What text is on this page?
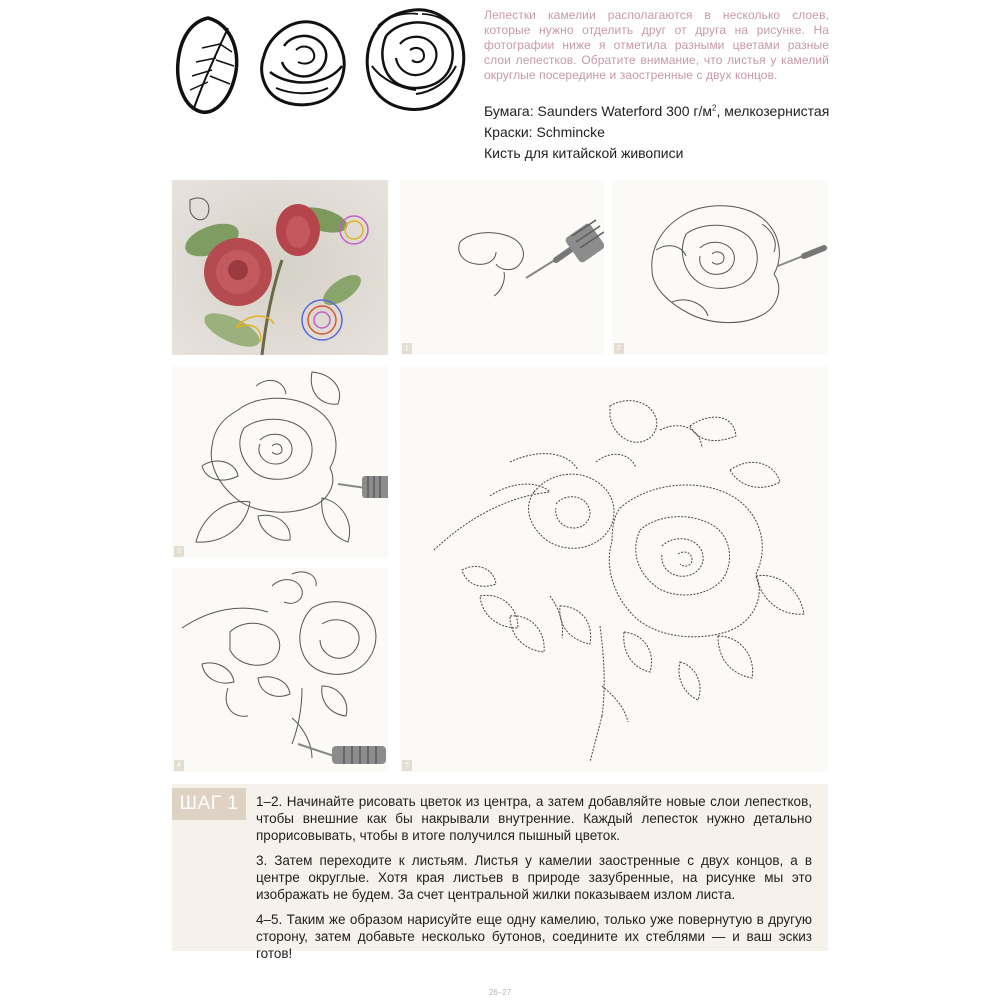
Лепестки камелии располагаются в несколько слоев, которые нужно отделить друг от друга на рисунке. На фотографии ниже я отметила разными цветами разные слои лепестков. Обратите внимание, что листья у камелий округлые посередине и заостренные с двух концов.
Бумага: Saunders Waterford 300 $г/м^2$, мелкозернистая
Краски: Schmincke
Кисть для китайской живописи
1	2
3
4	5
ШАГ 1	1–2. Начинайте рисовать цветок из центра, а затем добавляйте новые слои лепестков, чтобы внешние как бы накрывали внутренние. Каждый лепесток нужно детально прорисовывать, чтобы в итоге получился пышный цветок.

3. Затем переходите к листьям. Листья у камелии заостренные с двух концов, а в центре округлые. Хотя края листьев в природе зазубренные, на рисунке мы это изображать не будем. За счет центральной жилки показываем излом листа.

4–5. Таким же образом нарисуйте еще одну камелию, только уже повернутую в другую сторону, затем добавьте несколько бутонов, соедините их стеблями — и ваш эскиз готов!

26–27
